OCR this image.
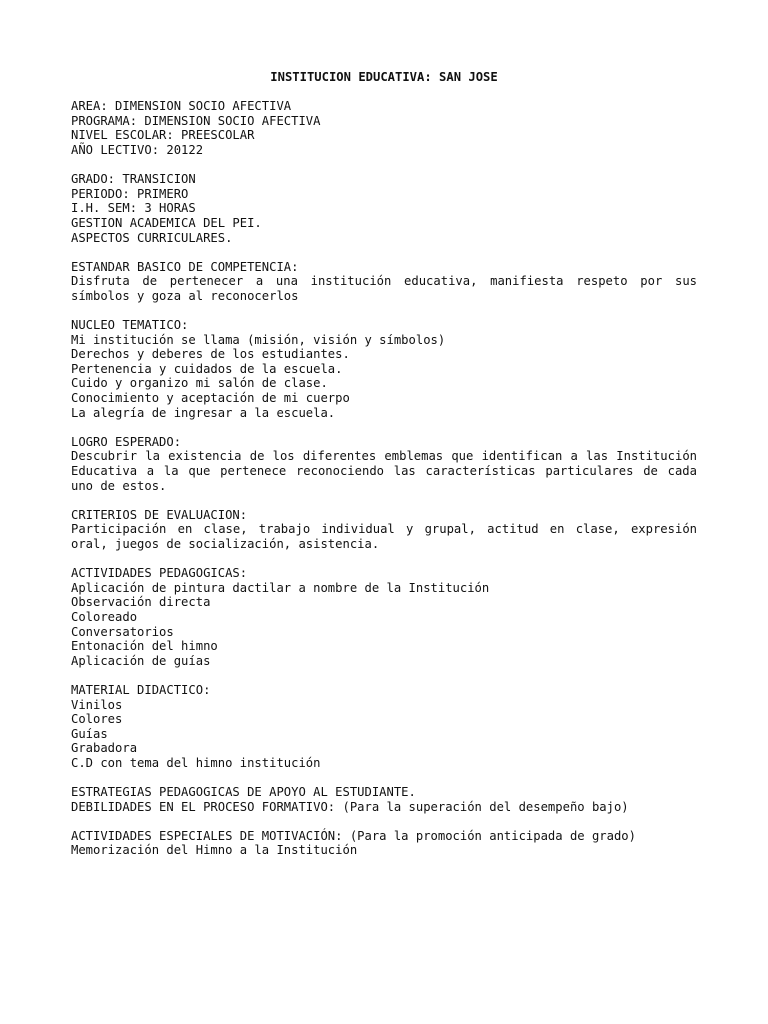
INSTITUCION EDUCATIVA: SAN JOSE
AREA: DIMENSION SOCIO AFECTIVA
PROGRAMA: DIMENSION SOCIO AFECTIVA
NIVEL ESCOLAR: PREESCOLAR
AÑO LECTIVO: 20122
GRADO: TRANSICION
PERIODO: PRIMERO
I.H. SEM: 3 HORAS
GESTION ACADEMICA DEL PEI.
ASPECTOS CURRICULARES.
ESTANDAR BASICO DE COMPETENCIA:
Disfruta de pertenecer a una institución educativa, manifiesta respeto por sus símbolos y goza al reconocerlos
NUCLEO TEMATICO:
Mi institución se llama (misión, visión y símbolos)
Derechos y deberes de los estudiantes.
Pertenencia y cuidados de la escuela.
Cuido y organizo mi salón de clase.
Conocimiento y aceptación de mi cuerpo
La alegría de ingresar a la escuela.
LOGRO ESPERADO:
Descubrir la existencia de los diferentes emblemas que identifican a las Institución Educativa a la que pertenece reconociendo las características particulares de cada uno de estos.
CRITERIOS DE EVALUACION:
Participación en clase, trabajo individual y grupal, actitud en clase, expresión oral, juegos de socialización, asistencia.
ACTIVIDADES PEDAGOGICAS:
Aplicación de pintura dactilar a nombre de la Institución
Observación directa
Coloreado
Conversatorios
Entonación del himno
Aplicación de guías
MATERIAL DIDACTICO:
Vinilos
Colores
Guías
Grabadora
C.D con tema del himno institución
ESTRATEGIAS PEDAGOGICAS DE APOYO AL ESTUDIANTE.
DEBILIDADES EN EL PROCESO FORMATIVO: (Para la superación del desempeño bajo)
ACTIVIDADES ESPECIALES DE MOTIVACIÓN: (Para la promoción anticipada de grado)
Memorización del Himno a la Institución
